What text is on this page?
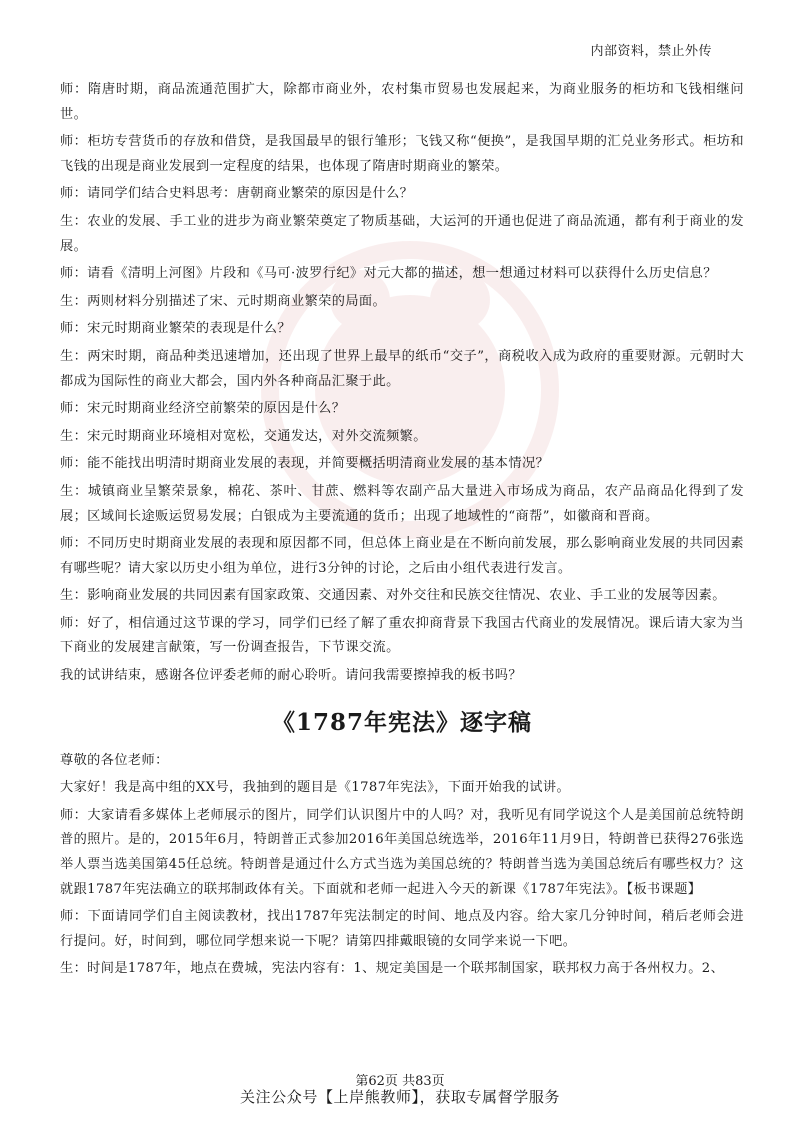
内部资料，禁止外传

师：隋唐时期，商品流通范围扩大，除都市商业外，农村集市贸易也发展起来，为商业服务的柜坊和飞钱相继问世。

师：柜坊专营货币的存放和借贷，是我国最早的银行雏形；飞钱又称“便换”，是我国早期的汇兑业务形式。柜坊和飞钱的出现是商业发展到一定程度的结果，也体现了隋唐时期商业的繁荣。

师：请同学们结合史料思考：唐朝商业繁荣的原因是什么？

生：农业的发展、手工业的进步为商业繁荣奠定了物质基础，大运河的开通也促进了商品流通，都有利于商业的发展。

师：请看《清明上河图》片段和《马可·波罗行纪》对元大都的描述，想一想通过材料可以获得什么历史信息？

生：两则材料分别描述了宋、元时期商业繁荣的局面。

师：宋元时期商业繁荣的表现是什么？

生：两宋时期，商品种类迅速增加，还出现了世界上最早的纸币“交子”，商税收入成为政府的重要财源。元朝时大都成为国际性的商业大都会，国内外各种商品汇聚于此。

师：宋元时期商业经济空前繁荣的原因是什么？

生：宋元时期商业环境相对宽松，交通发达，对外交流频繁。

师：能不能找出明清时期商业发展的表现，并简要概括明清商业发展的基本情况？

生：城镇商业呈繁荣景象，棉花、茶叶、甘蔗、燃料等农副产品大量进入市场成为商品，农产品商品化得到了发展；区域间长途贩运贸易发展；白银成为主要流通的货币；出现了地域性的“商帮”，如徽商和晋商。

师：不同历史时期商业发展的表现和原因都不同，但总体上商业是在不断向前发展，那么影响商业发展的共同因素有哪些呢？请大家以历史小组为单位，进行3分钟的讨论，之后由小组代表进行发言。

生：影响商业发展的共同因素有国家政策、交通因素、对外交往和民族交往情况、农业、手工业的发展等因素。

师：好了，相信通过这节课的学习，同学们已经了解了重农抑商背景下我国古代商业的发展情况。课后请大家为当下商业的发展建言献策，写一份调查报告，下节课交流。

我的试讲结束，感谢各位评委老师的耐心聆听。请问我需要擦掉我的板书吗？

《1787年宪法》逐字稿

尊敬的各位老师：

大家好！我是高中组的XX号，我抽到的题目是《1787年宪法》，下面开始我的试讲。

师：大家请看多媒体上老师展示的图片，同学们认识图片中的人吗？对，我听见有同学说这个人是美国前总统特朗普的照片。是的，2015年6月，特朗普正式参加2016年美国总统选举，2016年11月9日，特朗普已获得276张选举人票当选美国第45任总统。特朗普是通过什么方式当选为美国总统的？特朗普当选为美国总统后有哪些权力？这就跟1787年宪法确立的联邦制政体有关。下面就和老师一起进入今天的新课《1787年宪法》。【板书课题】

师：下面请同学们自主阅读教材，找出1787年宪法制定的时间、地点及内容。给大家几分钟时间，稍后老师会进行提问。好，时间到，哪位同学想来说一下呢？请第四排戴眼镜的女同学来说一下吧。

生：时间是1787年，地点在费城，宪法内容有：1、规定美国是一个联邦制国家，联邦权力高于各州权力。2、

第62页 共83页
关注公众号【上岸熊教师】，获取专属督学服务
